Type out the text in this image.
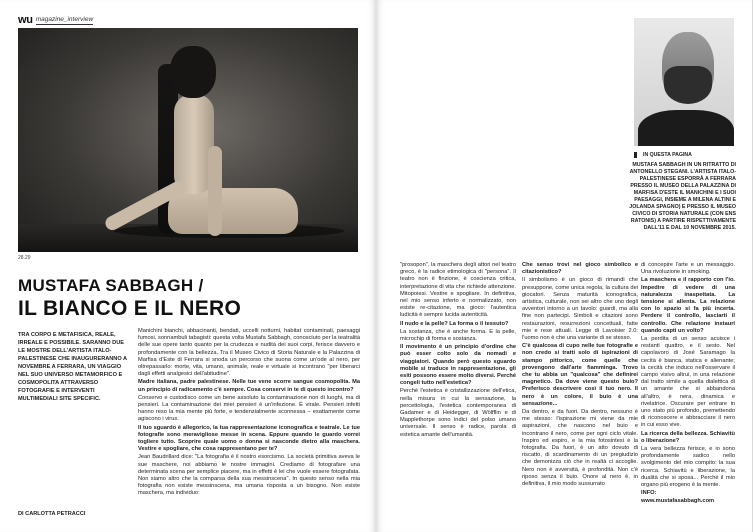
wu magazine_interview
28.29
MUSTAFA SABBAGH /
IL BIANCO E IL NERO

TRA CORPO E METAFISICA, REALE, IRREALE E POSSIBILE. SARANNO DUE LE MOSTRE DELL'ARTISTA ITALO-PALESTINESE CHE INAUGURERANNO A NOVEMBRE A FERRARA, UN VIAGGIO NEL SUO UNIVERSO METAMORFICO E COSMOPOLITA ATTRAVERSO FOTOGRAFIE E INTERVENTI MULTIMEDIALI SITE SPECIFIC.

DI CARLOTTA PETRACCI

Manichini bianchi, abbacinanti, bendati, uccelli notturni, habitat contaminati, paesaggi fumosi, sonnambuli tabagisti: questa volta Mustafa Sabbagh, conosciuto per la teatralità delle sue opere tanto quanto per la crudezza e nudità dei suoi corpi, ferisce davvero e profondamente con la bellezza. Tra il Museo Civico di Storia Naturale e la Palazzina di Marfisa d'Este di Ferrara si snoda un percorso che suona come un'ode al nero, per oltrepassarlo: morte, vita, umano, animale, reale e virtuale si incontrano "per liberarci dagli effetti analgesici dell'abitudine".

Madre italiana, padre palestinese. Nelle tue vene scorre sangue cosmopolita. Ma un principio di radicamento c'è sempre. Cosa conservi in te di questo incontro?

Conservo e custodisco come un bene assoluto la contaminazione non di luoghi, ma di pensieri. La contaminazione dei miei pensieri è un'infezione. È virale. Pensieri infetti hanno reso la mia mente più forte, e tendenzialmente sconnessa – esattamente come agiscono i virus.

Il tuo sguardo è allegorico, la tua rappresentazione iconografica e teatrale. Le tue fotografie sono meravigliose messe in scena. Eppure quando le guardo vorrei togliere tutto. Scoprire quale uomo o donna si nasconde dietro alla maschera. Vestire e spogliare, che cosa rappresentano per te?

Jean Baudrillard dice: "La fotografia è il nostro esorcismo. La società primitiva aveva le sue maschere, noi abbiamo le nostre immagini. Crediamo di fotografare una determinata scena per semplice piacere, ma in effetti è lei che vuole essere fotografata. Non siamo altro che la comparsa della sua messinscena". In questo senso nella mia fotografia non esiste messinscena, ma umana risposta a un bisogno. Non esiste maschera, ma individuo:

IN QUESTA PAGINA

MUSTAFA SABBAGH IN UN RITRATTO DI ANTONELLO STEGANI. L'ARTISTA ITALO-PALESTINESE ESPORRÀ A FERRARA PRESSO IL MUSEO DELLA PALAZZINA DI MARFISA D'ESTE IL MANICHINI E I SUOI PAESAGGI, INSIEME A MILENA ALTINI E JOLANDA SPAGNO) E PRESSO IL MUSEO CIVICO DI STORIA NATURALE (CON ENS RATONIS) A PARTIRE RISPETTIVAMENTE DALL'11 E DAL 10 NOVEMBRE 2015.

"prosopon", la maschera degli attori nel teatro greco, è la radice etimologica di "persona". Il teatro non è finzione, è coscienza critica, interpretazione di vita che richiede attenzione. Mitopoiesi. Vestire e spogliare. In definitiva, nel mio senso inferto e normalizzato, non esiste re-citazione, ma gioco: l'autentica ludicità è sempre lucida autenticità.

Il nudo e la pelle? La forma o il tessuto?

La sostanza, che è anche forma. E la pelle, microchip di forma e sostanza.

Il movimento è un principio d'ordine che può esser colto solo da nomadi e viaggiatori. Quando però questo sguardo mobile si traduce in rappresentazione, gli esiti possono essere molto diversi. Perché congeli tutto nell'estetica?

Perché l'estetica è cristallizzazione dell'etica, nella misura in cui la sensazione, la percettologia, l'estetica contemporanea di Gadamer e di Heidegger, di Wölfflin e di Mapplethorpe sono indici del polso umano universale. Il senso è radice, parola di estetica amante dell'umanità.

Che senso trovi nel gioco simbolico e citazionistico?

Il simbolismo è un gioco di rimandi che presuppone, come unica regola, la cultura dei giocatori. Senza maturità iconografica, artistica, culturale, non sei altro che uno degli avventori intorno a un tavolo: guardi, ma alla fine non partecipi. Simboli e citazioni sono restaurazioni, resurrezioni concettuali, fatte mie e rese attuali. Legge di Lavoisier 2.0: l'uomo non è che una variante di se stesso.

C'è qualcosa di cupo nelle tue fotografie e non credo si tratti solo di ispirazioni di stampo pittorico, come quelle che provengono dall'arte fiamminga. Trovo che tu abbia un "qualcosa" che definirei magnetico. Da dove viene questo buio? Preferisco descrivere così il tuo nero. Il nero è un colore, il buio è una sensazione...

Da dentro, e da fuori. Da dentro, nessuno è me stesso: l'ispirazione mi viene da mie aspirazioni, che nascono nel buio e incontrano il nero, come per ogni ciclo vitale. Inspiro ed espiro, e la mia fotosintesi è la fotografia. Da fuori, è un atto dovuto di riscatto, di scardinamento di un pregiudizio che demonizza ciò che in realtà ci accoglie. Nero non è avversità, è profondità. Non c'è riposo senza il buio. Onore al nero è, in definitiva, il mio modo sussurrato

di concepire l'arte e un messaggio. Una rivoluzione in smoking.

La maschera e il rapporto con l'io. Impedire di vedere di una naturalezza inaspettata. La tensione si allenta. La relazione con lo spazio si fa più incerta. Perdere il controllo, lasciarti il controllo. Che relazione instauri quando capti un volto?

La perdita di un senso acuisce i restanti quattro, e il sesto. Nel capolavoro di José Saramago la cecità è bianca, statica e alienante; la cecità che induco nell'osservare il campo visivo altrui, in una relazione dal tratto simile a quella dialettica di un amante che si abbandona all'altro, è nera, dinamica e rivelatrice. Oscurare per entrare in uno stato più profondo, premettendo di riconoscere e abbracciare il nero in cui esso vive.

La ricerca della bellezza. Schiavitù o liberazione?

La vera bellezza ferisce, e io sono profondamente sadico nello svolgimento del mio compito: la sua ricerca. Schiavitù e liberazione, la dualità che si sposa... Perché il mio organo più erogeno è la mente.

INFO:
www.mustafasabbagh.com
